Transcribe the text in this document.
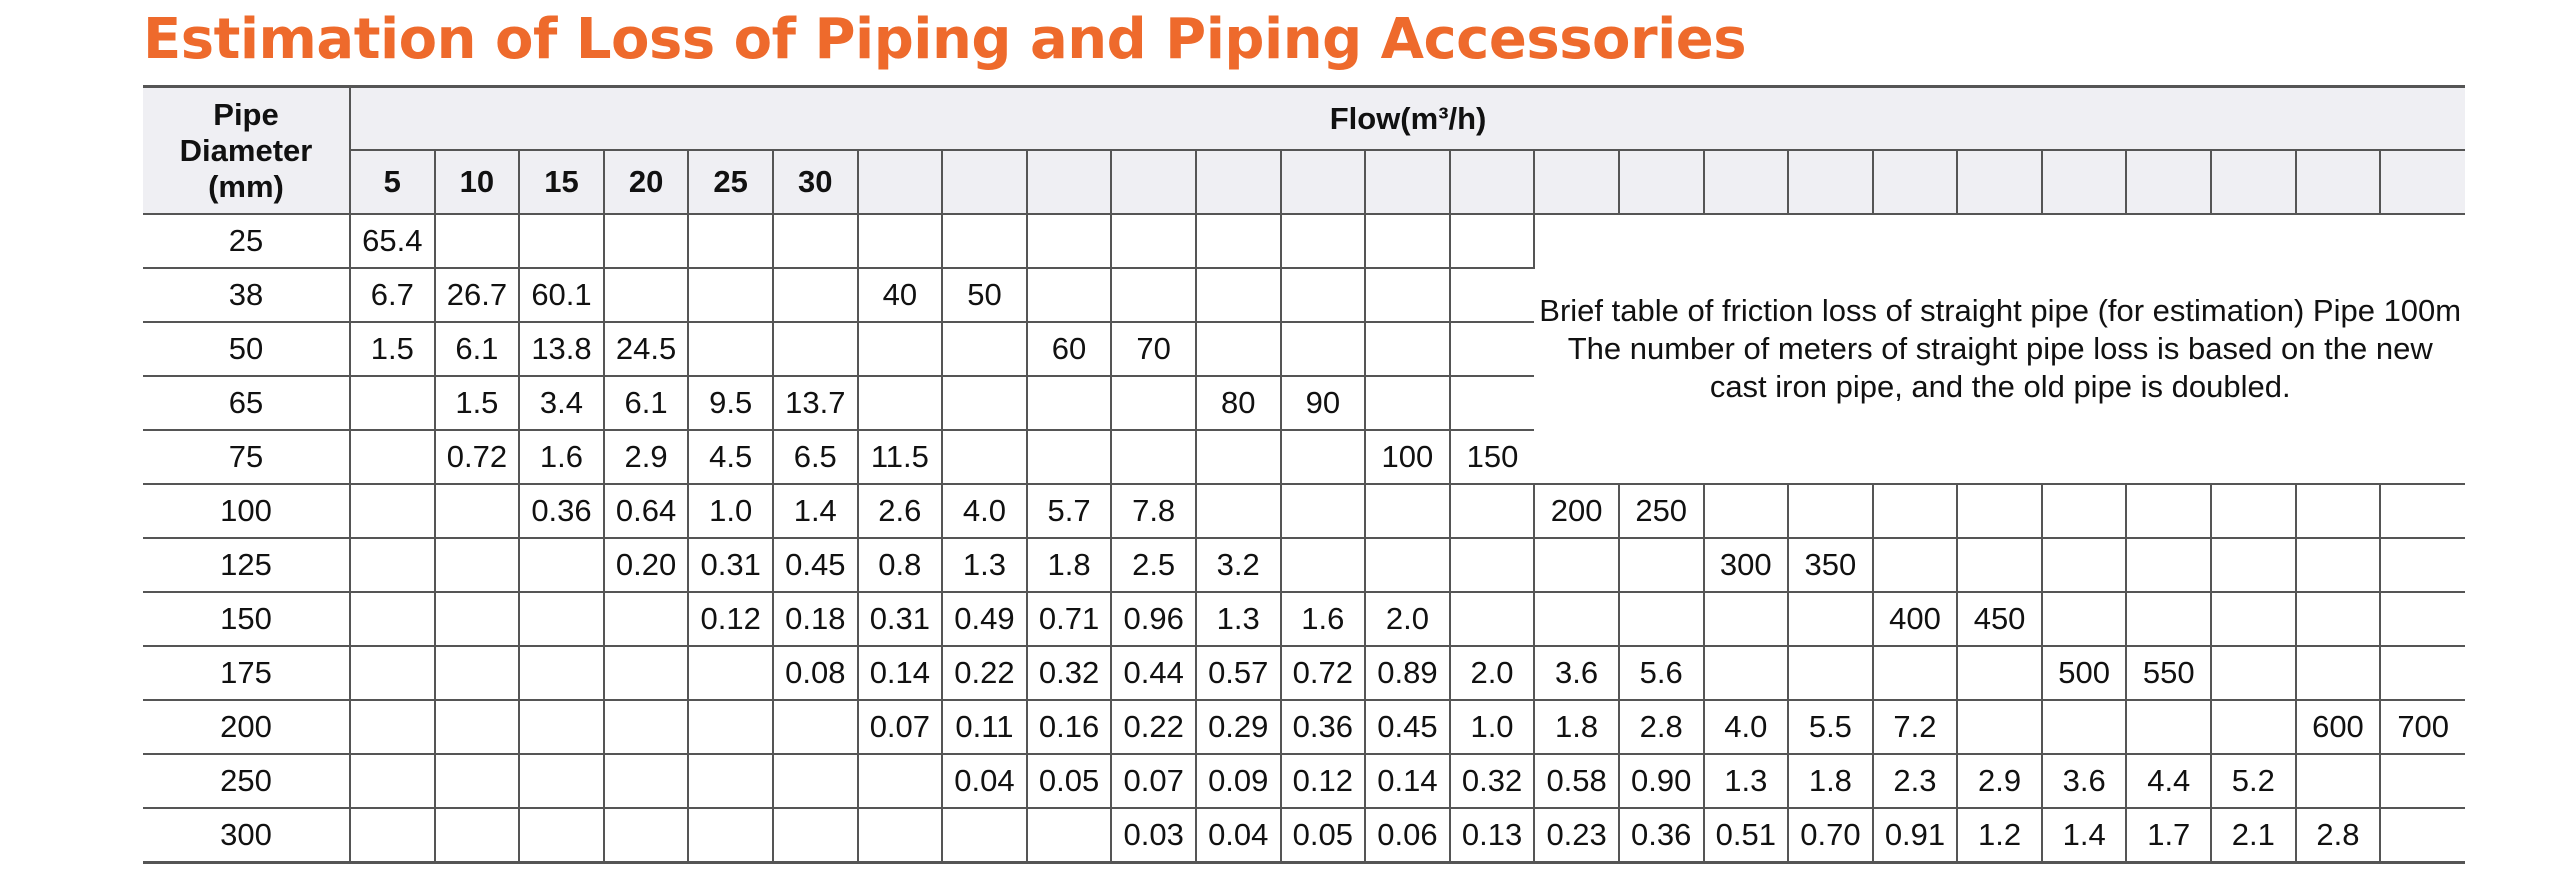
Estimation of Loss of Piping and Piping Accessories
Pipe
Diameter
(mm)	Flow(m³/h)																								
	5	10	15	20	25	30																			
25	65.4														Brief table of friction loss of straight pipe (for estimation) Pipe 100m The number of meters of straight pipe loss is based on the new cast iron pipe, and the old pipe is doubled.										
38	6.7	26.7	60.1				40	50																	
50	1.5	6.1	13.8	24.5					60	70															
65		1.5	3.4	6.1	9.5	13.7					80	90													
75		0.72	1.6	2.9	4.5	6.5	11.5						100	150											
100			0.36	0.64	1.0	1.4	2.6	4.0	5.7	7.8					200	250									
125				0.20	0.31	0.45	0.8	1.3	1.8	2.5	3.2						300	350							
150					0.12	0.18	0.31	0.49	0.71	0.96	1.3	1.6	2.0						400	450					
175						0.08	0.14	0.22	0.32	0.44	0.57	0.72	0.89	2.0	3.6	5.6					500	550			
200							0.07	0.11	0.16	0.22	0.29	0.36	0.45	1.0	1.8	2.8	4.0	5.5	7.2					600	700
250								0.04	0.05	0.07	0.09	0.12	0.14	0.32	0.58	0.90	1.3	1.8	2.3	2.9	3.6	4.4	5.2		
300										0.03	0.04	0.05	0.06	0.13	0.23	0.36	0.51	0.70	0.91	1.2	1.4	1.7	2.1	2.8	
